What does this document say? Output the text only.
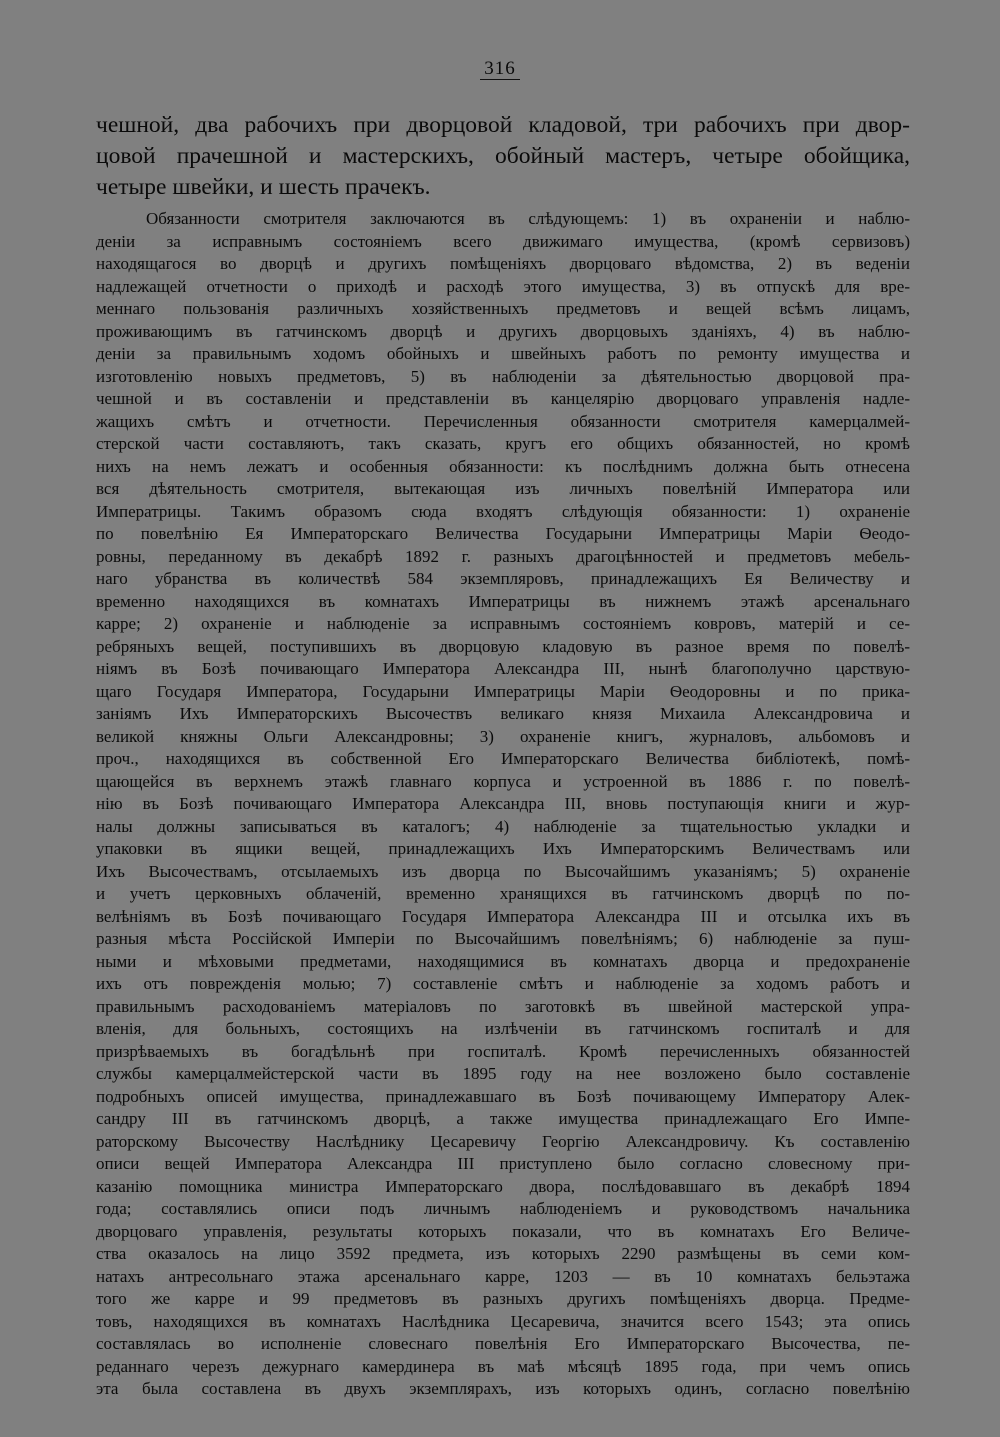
316
чешной, два рабочихъ при дворцовой кладовой, три рабочихъ при двор-
цовой прачешной и мастерскихъ, обойный мастеръ, четыре обойщика,
четыре швейки, и шесть прачекъ.
Обязанности смотрителя заключаются въ слѣдующемъ: 1) въ охраненіи и наблю-
деніи за исправнымъ состояніемъ всего движимаго имущества, (кромѣ сервизовъ)
находящагося во дворцѣ и другихъ помѣщеніяхъ дворцоваго вѣдомства, 2) въ веденіи
надлежащей отчетности о приходѣ и расходѣ этого имущества, 3) въ отпускѣ для вре-
меннаго пользованія различныхъ хозяйственныхъ предметовъ и вещей всѣмъ лицамъ,
проживающимъ въ гатчинскомъ дворцѣ и другихъ дворцовыхъ зданіяхъ, 4) въ наблю-
деніи за правильнымъ ходомъ обойныхъ и швейныхъ работъ по ремонту имущества и
изготовленію новыхъ предметовъ, 5) въ наблюденіи за дѣятельностью дворцовой пра-
чешной и въ составленіи и представленіи въ канцелярію дворцоваго управленія надле-
жащихъ смѣтъ и отчетности. Перечисленныя обязанности смотрителя камерцалмей-
стерской части составляютъ, такъ сказать, кругъ его общихъ обязанностей, но кромѣ
нихъ на немъ лежатъ и особенныя обязанности: къ послѣднимъ должна быть отнесена
вся дѣятельность смотрителя, вытекающая изъ личныхъ повелѣній Императора или
Императрицы. Такимъ образомъ сюда входятъ слѣдующія обязанности: 1) охраненіе
по повелѣнію Ея Императорскаго Величества Государыни Императрицы Маріи Ѳеодо-
ровны, переданному въ декабрѣ 1892 г. разныхъ драгоцѣнностей и предметовъ мебель-
наго убранства въ количествѣ 584 экземпляровъ, принадлежащихъ Ея Величеству и
временно находящихся въ комнатахъ Императрицы въ нижнемъ этажѣ арсенальнаго
карре; 2) охраненіе и наблюденіе за исправнымъ состояніемъ ковровъ, матерій и се-
ребряныхъ вещей, поступившихъ въ дворцовую кладовую въ разное время по повелѣ-
ніямъ въ Бозѣ почивающаго Императора Александра III, нынѣ благополучно царствую-
щаго Государя Императора, Государыни Императрицы Маріи Ѳеодоровны и по прика-
заніямъ Ихъ Императорскихъ Высочествъ великаго князя Михаила Александровича и
великой княжны Ольги Александровны; 3) охраненіе книгъ, журналовъ, альбомовъ и
проч., находящихся въ собственной Его Императорскаго Величества библіотекѣ, помѣ-
щающейся въ верхнемъ этажѣ главнаго корпуса и устроенной въ 1886 г. по повелѣ-
нію въ Бозѣ почивающаго Императора Александра III, вновь поступающія книги и жур-
налы должны записываться въ каталогъ; 4) наблюденіе за тщательностью укладки и
упаковки въ ящики вещей, принадлежащихъ Ихъ Императорскимъ Величествамъ или
Ихъ Высочествамъ, отсылаемыхъ изъ дворца по Высочайшимъ указаніямъ; 5) охраненіе
и учетъ церковныхъ облаченій, временно хранящихся въ гатчинскомъ дворцѣ по по-
велѣніямъ въ Бозѣ почивающаго Государя Императора Александра III и отсылка ихъ въ
разныя мѣста Россійской Имперіи по Высочайшимъ повелѣніямъ; 6) наблюденіе за пуш-
ными и мѣховыми предметами, находящимися въ комнатахъ дворца и предохраненіе
ихъ отъ поврежденія молью; 7) составленіе смѣтъ и наблюденіе за ходомъ работъ и
правильнымъ расходованіемъ матеріаловъ по заготовкѣ въ швейной мастерской упра-
вленія, для больныхъ, состоящихъ на излѣченіи въ гатчинскомъ госпиталѣ и для
призрѣваемыхъ въ богадѣльнѣ при госпиталѣ. Кромѣ перечисленныхъ обязанностей
службы камерцалмейстерской части въ 1895 году на нее возложено было составленіе
подробныхъ описей имущества, принадлежавшаго въ Бозѣ почивающему Императору Алек-
сандру III въ гатчинскомъ дворцѣ, а также имущества принадлежащаго Его Импе-
раторскому Высочеству Наслѣднику Цесаревичу Георгію Александровичу. Къ составленію
описи вещей Императора Александра III приступлено было согласно словесному при-
казанію помощника министра Императорскаго двора, послѣдовавшаго въ декабрѣ 1894
года; составлялись описи подъ личнымъ наблюденіемъ и руководствомъ начальника
дворцоваго управленія, результаты которыхъ показали, что въ комнатахъ Его Величе-
ства оказалось на лицо 3592 предмета, изъ которыхъ 2290 размѣщены въ семи ком-
натахъ антресольнаго этажа арсенальнаго карре, 1203 — въ 10 комнатахъ бельэтажа
того же карре и 99 предметовъ въ разныхъ другихъ помѣщеніяхъ дворца. Предме-
товъ, находящихся въ комнатахъ Наслѣдника Цесаревича, значится всего 1543; эта опись
составлялась во исполненіе словеснаго повелѣнія Его Императорскаго Высочества, пе-
реданнаго черезъ дежурнаго камердинера въ маѣ мѣсяцѣ 1895 года, при чемъ опись
эта была составлена въ двухъ экземплярахъ, изъ которыхъ одинъ, согласно повелѣнію
